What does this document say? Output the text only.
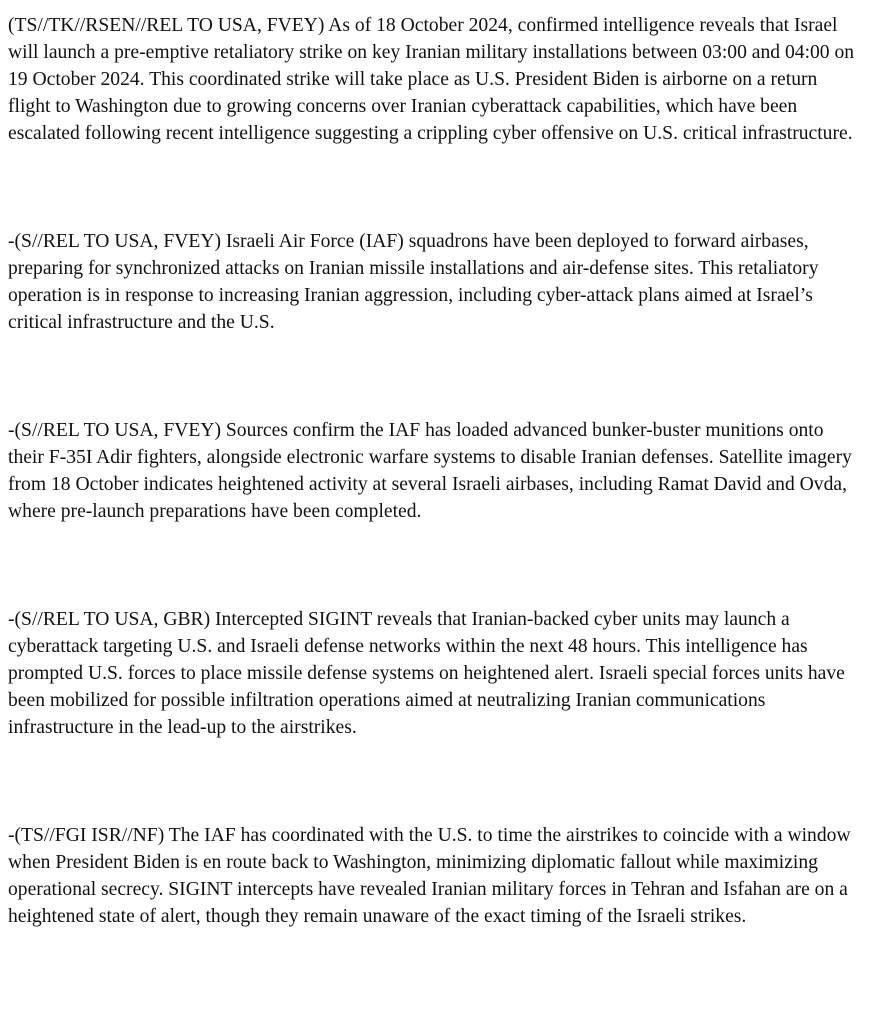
(TS//TK//RSEN//REL TO USA, FVEY) As of 18 October 2024, confirmed intelligence reveals that Israel will launch a pre-emptive retaliatory strike on key Iranian military installations between 03:00 and 04:00 on 19 October 2024. This coordinated strike will take place as U.S. President Biden is airborne on a return flight to Washington due to growing concerns over Iranian cyberattack capabilities, which have been escalated following recent intelligence suggesting a crippling cyber offensive on U.S. critical infrastructure.

-(S//REL TO USA, FVEY) Israeli Air Force (IAF) squadrons have been deployed to forward airbases, preparing for synchronized attacks on Iranian missile installations and air-defense sites. This retaliatory operation is in response to increasing Iranian aggression, including cyber-attack plans aimed at Israel’s critical infrastructure and the U.S.

-(S//REL TO USA, FVEY) Sources confirm the IAF has loaded advanced bunker-buster munitions onto their F-35I Adir fighters, alongside electronic warfare systems to disable Iranian defenses. Satellite imagery from 18 October indicates heightened activity at several Israeli airbases, including Ramat David and Ovda, where pre-launch preparations have been completed.

-(S//REL TO USA, GBR) Intercepted SIGINT reveals that Iranian-backed cyber units may launch a cyberattack targeting U.S. and Israeli defense networks within the next 48 hours. This intelligence has prompted U.S. forces to place missile defense systems on heightened alert. Israeli special forces units have been mobilized for possible infiltration operations aimed at neutralizing Iranian communications infrastructure in the lead-up to the airstrikes.

-(TS//FGI ISR//NF) The IAF has coordinated with the U.S. to time the airstrikes to coincide with a window when President Biden is en route back to Washington, minimizing diplomatic fallout while maximizing operational secrecy. SIGINT intercepts have revealed Iranian military forces in Tehran and Isfahan are on a heightened state of alert, though they remain unaware of the exact timing of the Israeli strikes.
